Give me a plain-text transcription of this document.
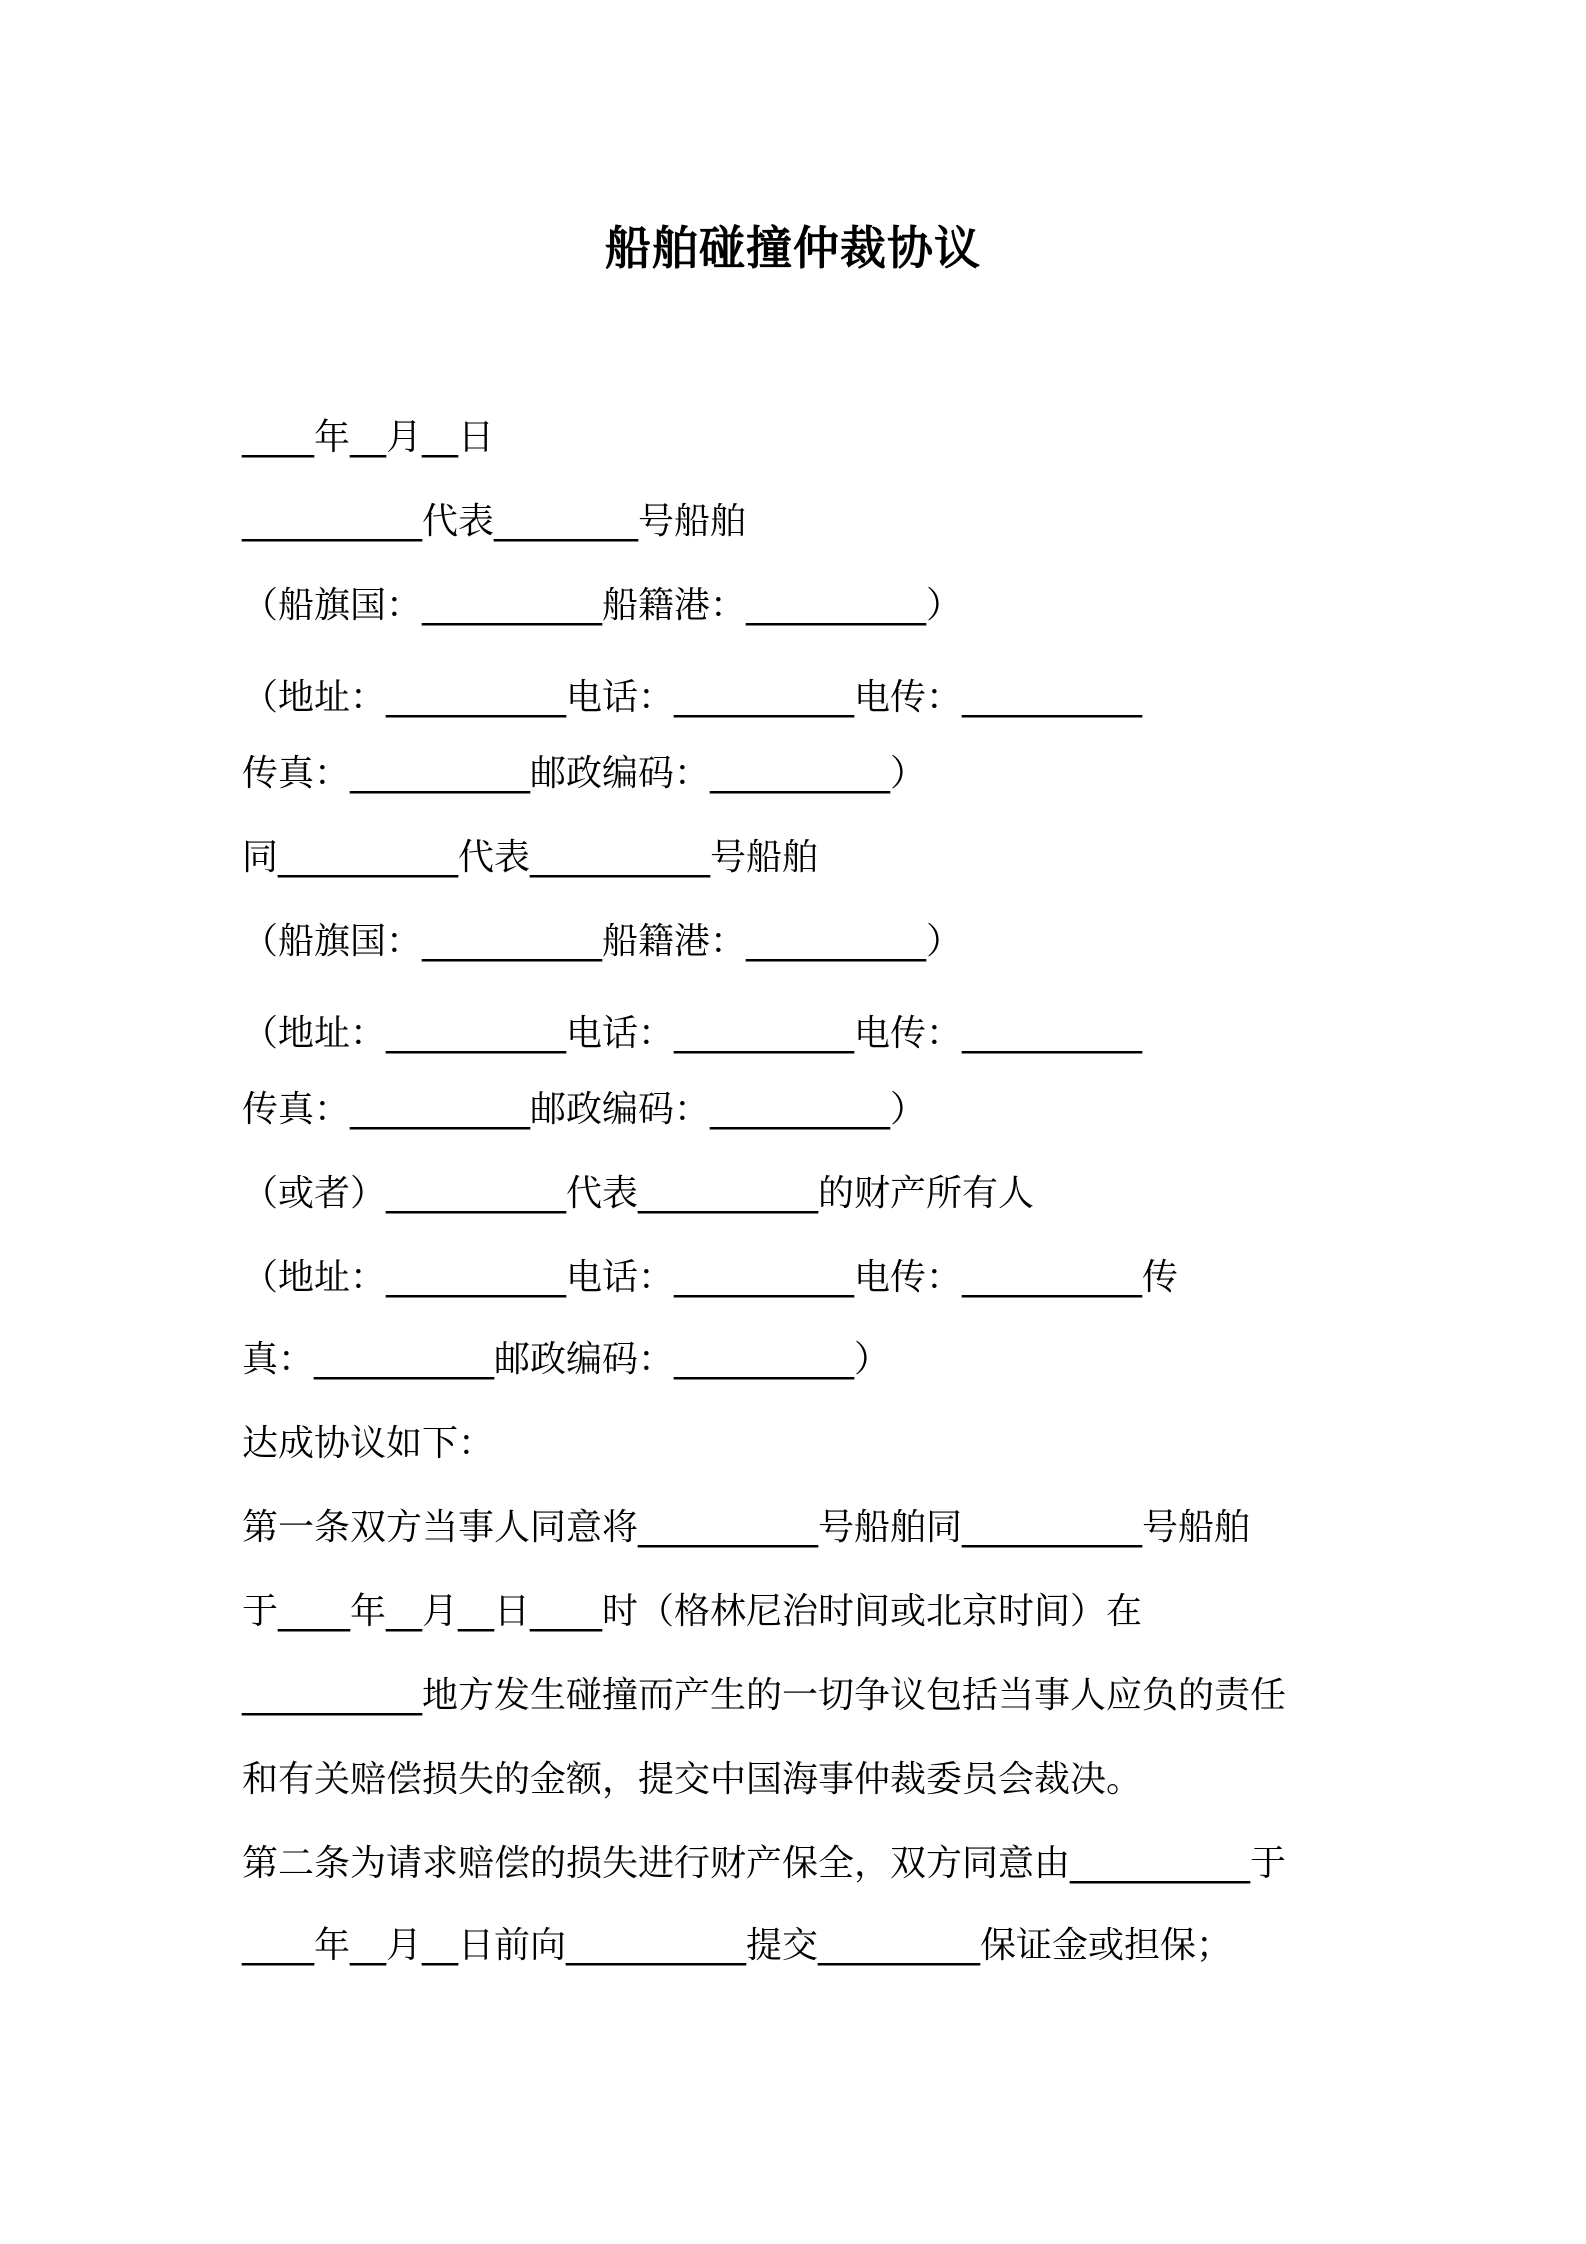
船舶碰撞仲裁协议
____年__月__日
__________代表________号船舶
（船旗国：__________船籍港：__________）
（地址：__________电话：__________电传：__________
传真：__________邮政编码：__________）
同__________代表__________号船舶
（船旗国：__________船籍港：__________）
（地址：__________电话：__________电传：__________
传真：__________邮政编码：__________）
（或者）__________代表__________的财产所有人
（地址：__________电话：__________电传：__________传
真：__________邮政编码：__________）
达成协议如下：
第一条双方当事人同意将__________号船舶同__________号船舶
于____年__月__日____时（格林尼治时间或北京时间）在
__________地方发生碰撞而产生的一切争议包括当事人应负的责任
和有关赔偿损失的金额，提交中国海事仲裁委员会裁决。
第二条为请求赔偿的损失进行财产保全，双方同意由__________于
____年__月__日前向__________提交_________保证金或担保；
